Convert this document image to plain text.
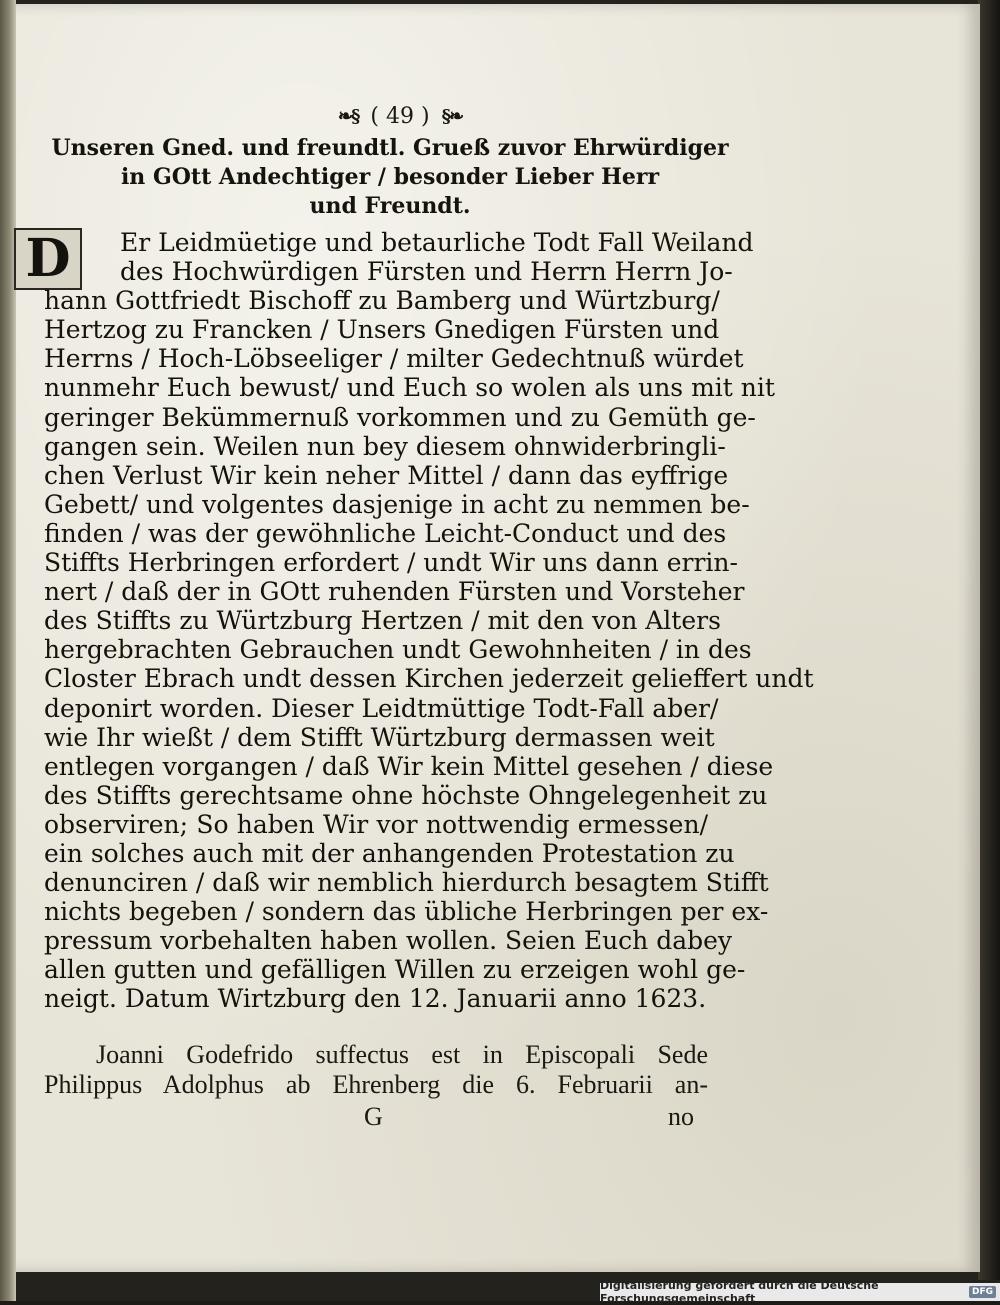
❧§ ( 49 ) §❧
Unseren Gned. und freundtl. Grueß zuvor Ehrwürdiger
in GOtt Andechtiger / besonder Lieber Herr
und Freundt.
D	Er Leidmüetige und betaurliche Todt Fall Weiland
des Hochwürdigen Fürsten und Herrn Herrn Jo-
hann Gottfriedt Bischoff zu Bamberg und Würtzburg/
Hertzog zu Francken / Unsers Gnedigen Fürsten und
Herrns / Hoch-Löbseeliger / milter Gedechtnuß würdet
nunmehr Euch bewust/ und Euch so wolen als uns mit nit
geringer Bekümmernuß vorkommen und zu Gemüth ge-
gangen sein. Weilen nun bey diesem ohnwiderbringli-
chen Verlust Wir kein neher Mittel / dann das eyffrige
Gebett/ und volgentes dasjenige in acht zu nemmen be-
finden / was der gewöhnliche Leicht-Conduct und des
Stiffts Herbringen erfordert / undt Wir uns dann errin-
nert / daß der in GOtt ruhenden Fürsten und Vorsteher
des Stiffts zu Würtzburg Hertzen / mit den von Alters
hergebrachten Gebrauchen undt Gewohnheiten / in des
Closter Ebrach undt dessen Kirchen jederzeit gelieffert undt
deponirt worden. Dieser Leidtmüttige Todt-Fall aber/
wie Ihr wießt / dem Stifft Würtzburg dermassen weit
entlegen vorgangen / daß Wir kein Mittel gesehen / diese
des Stiffts gerechtsame ohne höchste Ohngelegenheit zu
observiren; So haben Wir vor nottwendig ermessen/
ein solches auch mit der anhangenden Protestation zu
denunciren / daß wir nemblich hierdurch besagtem Stifft
nichts begeben / sondern das übliche Herbringen per ex-
pressum vorbehalten haben wollen. Seien Euch dabey
allen gutten und gefälligen Willen zu erzeigen wohl ge-
neigt. Datum Wirtzburg den 12. Januarii anno 1623.
Joanni Godefrido suffectus est in Episcopali Sede
Philippus Adolphus ab Ehrenberg die 6. Februarii an-
G	no
Digitalisierung gefördert durch die Deutsche Forschungsgemeinschaft	DFG
